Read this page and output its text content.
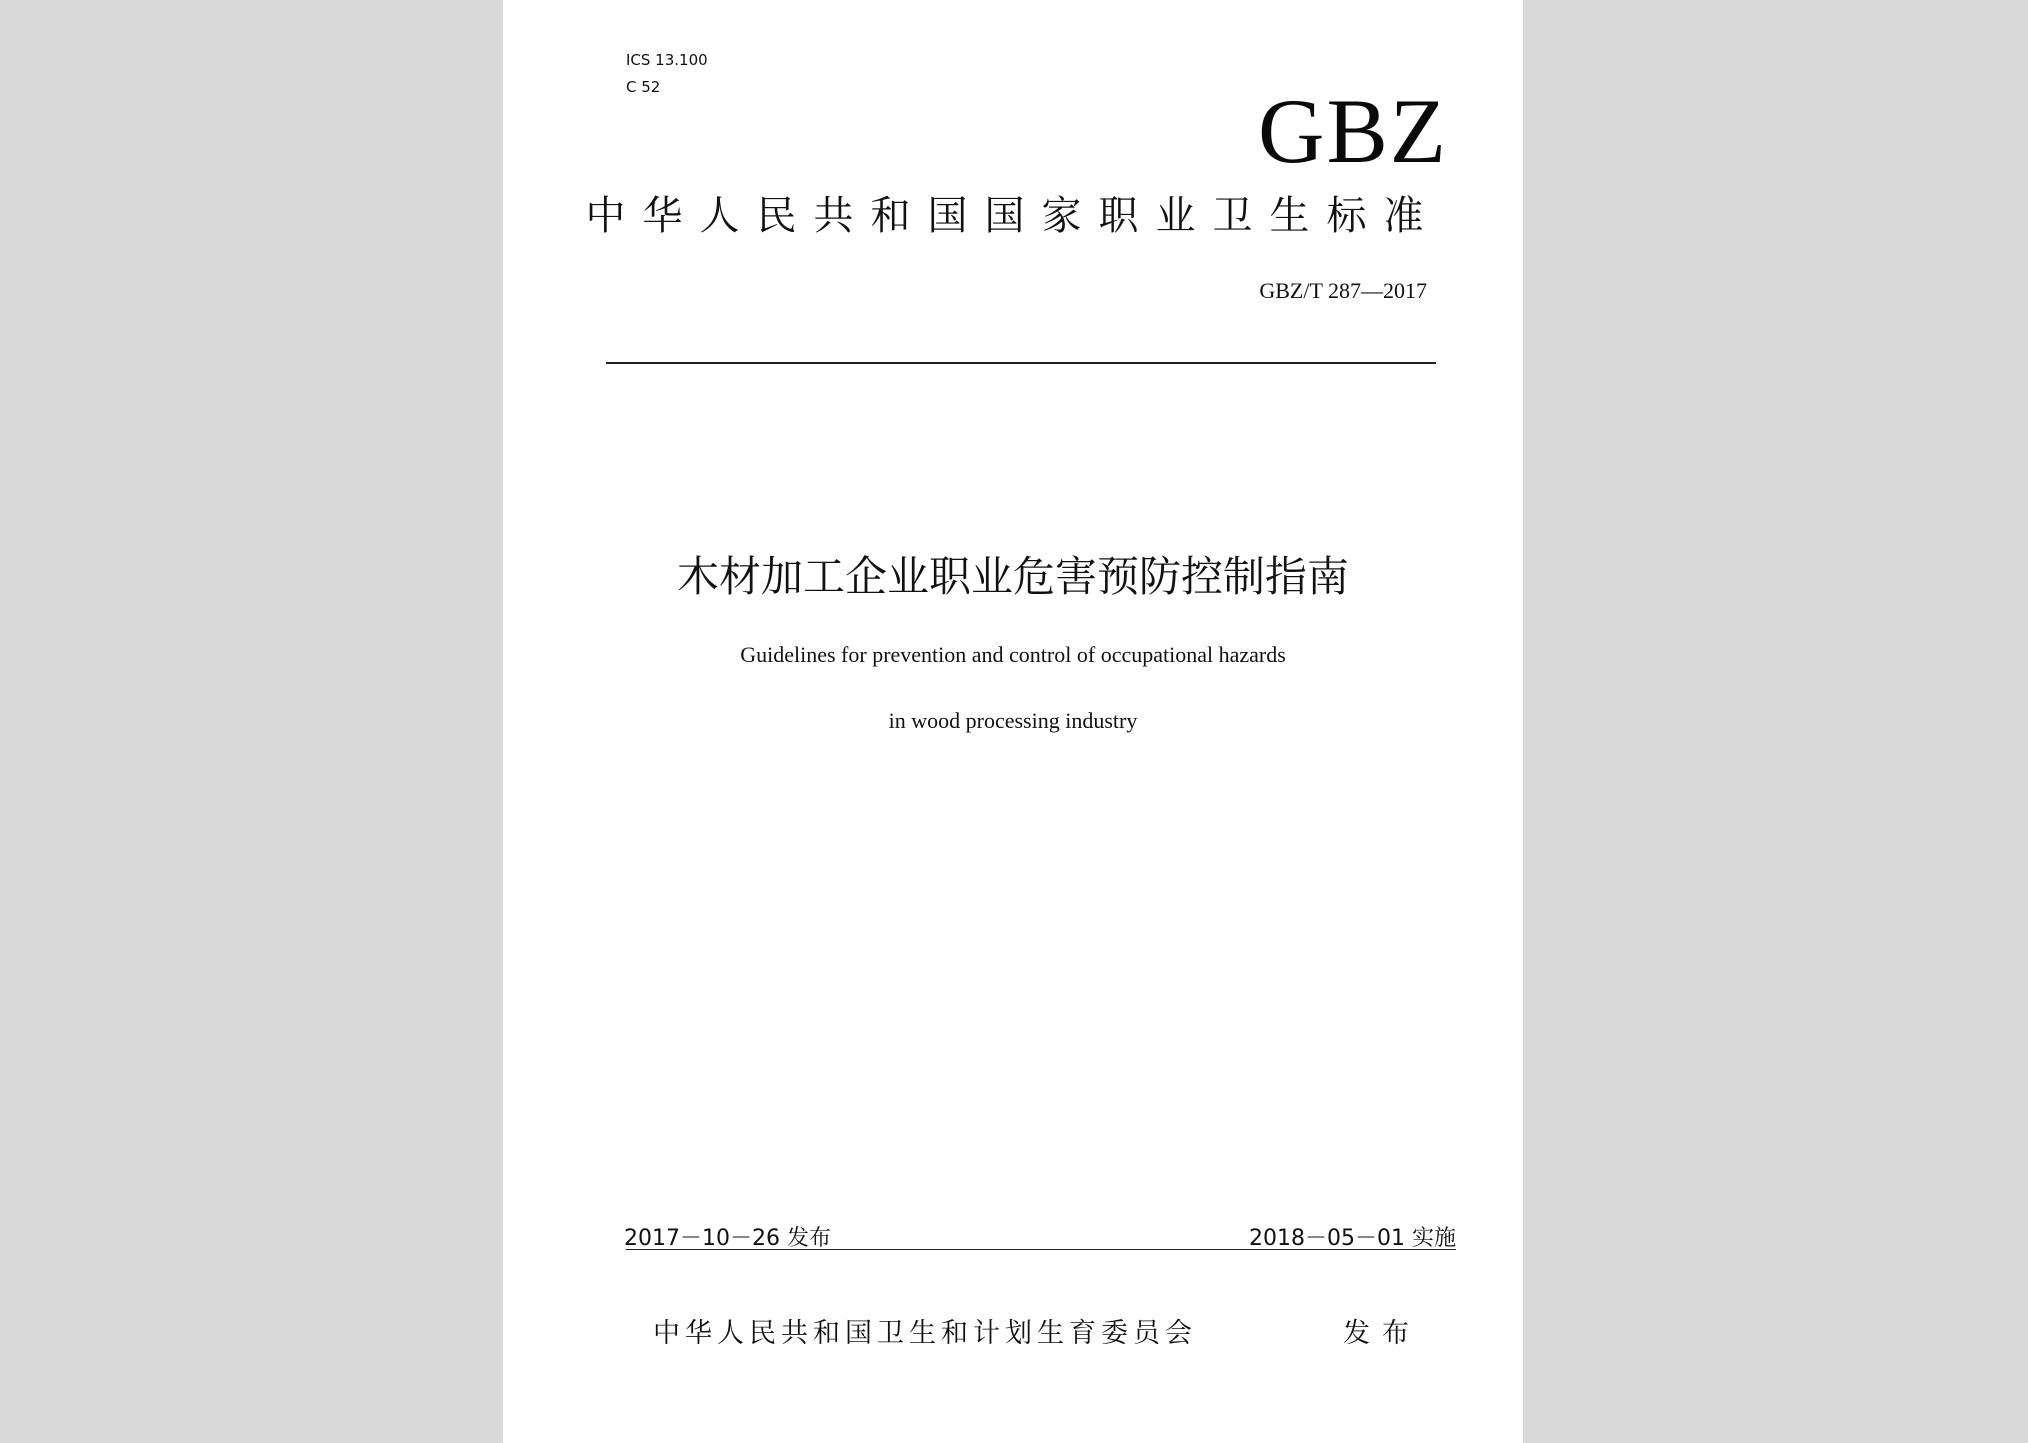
ICS 13.100

C 52	GBZ
中华人民共和国国家职业卫生标准
GBZ/T 287—2017
木材加工企业职业危害预防控制指南
Guidelines for prevention and control of occupational hazards
in wood processing industry
2017－10－26 发布	2018－05－01 实施
中华人民共和国卫生和计划生育委员会	发布
